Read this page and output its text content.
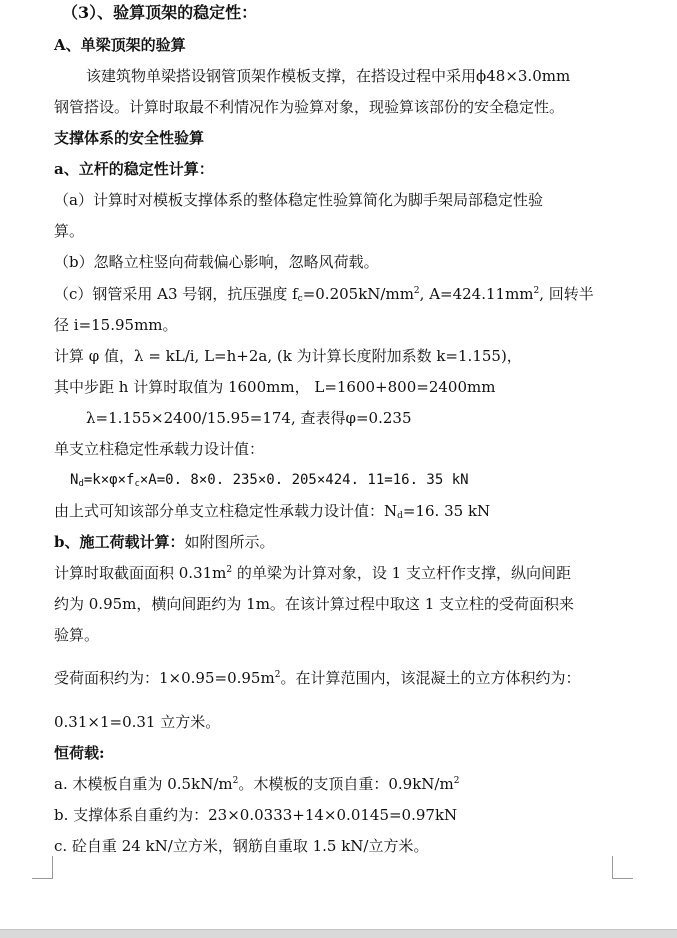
（3）、验算顶架的稳定性：
A、单梁顶架的验算
该建筑物单梁搭设钢管顶架作模板支撑，在搭设过程中采用ϕ48×3.0mm
钢管搭设。计算时取最不利情况作为验算对象，现验算该部份的安全稳定性。
支撑体系的安全性验算
a、立杆的稳定性计算：
（a）计算时对模板支撑体系的整体稳定性验算简化为脚手架局部稳定性验
算。
（b）忽略立柱竖向荷载偏心影响，忽略风荷载。
（c）钢管采用 A3 号钢，抗压强度 $f_c=0.205kN/mm^2$, $A=424.11mm^2$, 回转半
径 i=15.95mm。
计算 φ 值，λ = kL/i, L=h+2a, (k 为计算长度附加系数 k=1.155)，
其中步距 h 计算时取值为 1600mm， L=1600+800=2400mm
λ=1.155×2400/15.95=174, 查表得φ=0.235
单支立柱稳定性承载力设计值：
$N_d=k\times\varphi\times f_c\times A=0$. 8×0. 235×0. 205×424. 11=16. 35 kN
由上式可知该部分单支立柱稳定性承载力设计值：$N_d=16$. 35 kN
b、施工荷载计算：如附图所示。
计算时取截面面积 $0.31m^2$ 的单梁为计算对象，设 1 支立杆作支撑，纵向间距
约为 0.95m，横向间距约为 1m。在该计算过程中取这 1 支立柱的受荷面积来
验算。
受荷面积约为：$1\times 0.95=0.95m^2$。在计算范围内，该混凝土的立方体积约为：
0.31×1=0.31 立方米。
恒荷载:
a. 木模板自重为 $0.5kN/m^2$。木模板的支顶自重：$0.9kN/m^2$
b. 支撑体系自重约为：23×0.0333+14×0.0145=0.97kN
c. 砼自重 24 kN/立方米，钢筋自重取 1.5 kN/立方米。
